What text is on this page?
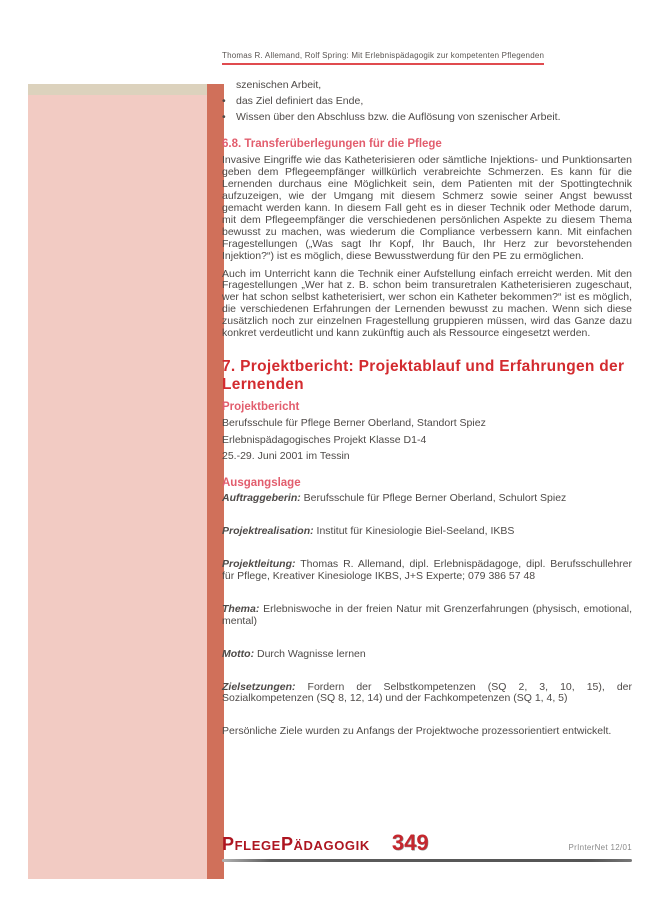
Thomas R. Allemand, Rolf Spring: Mit Erlebnispädagogik zur kompetenten Pflegenden
szenischen Arbeit,
• das Ziel definiert das Ende,
• Wissen über den Abschluss bzw. die Auflösung von szenischer Arbeit.
6.8. Transferüberlegungen für die Pflege
Invasive Eingriffe wie das Katheterisieren oder sämtliche Injektions- und Punktionsarten geben dem Pflegeempfänger willkürlich verabreichte Schmerzen. Es kann für die Lernenden durchaus eine Möglichkeit sein, dem Patienten mit der Spottingtechnik aufzuzeigen, wie der Umgang mit diesem Schmerz sowie seiner Angst bewusst gemacht werden kann. In diesem Fall geht es in dieser Technik oder Methode darum, mit dem Pflegeempfänger die verschiedenen persönlichen Aspekte zu diesem Thema bewusst zu machen, was wiederum die Compliance verbessern kann. Mit einfachen Fragestellungen („Was sagt Ihr Kopf, Ihr Bauch, Ihr Herz zur bevorstehenden Injektion?“) ist es möglich, diese Bewusstwerdung für den PE zu ermöglichen.
Auch im Unterricht kann die Technik einer Aufstellung einfach erreicht werden. Mit den Fragestellungen „Wer hat z. B. schon beim transuretralen Katheterisieren zugeschaut, wer hat schon selbst katheterisiert, wer schon ein Katheter bekommen?“ ist es möglich, die verschiedenen Erfahrungen der Lernenden bewusst zu machen. Wenn sich diese zusätzlich noch zur einzelnen Fragestellung gruppieren müssen, wird das Ganze dazu konkret verdeutlicht und kann zukünftig auch als Ressource eingesetzt werden.
7. Projektbericht: Projektablauf und Erfahrungen der Lernenden
Projektbericht
Berufsschule für Pflege Berner Oberland, Standort Spiez
Erlebnispädagogisches Projekt Klasse D1-4
25.-29. Juni 2001 im Tessin
Ausgangslage
Auftraggeberin: Berufsschule für Pflege Berner Oberland, Schulort Spiez
Projektrealisation: Institut für Kinesiologie Biel-Seeland, IKBS
Projektleitung: Thomas R. Allemand, dipl. Erlebnispädagoge, dipl. Berufsschullehrer für Pflege, Kreativer Kinesiologe IKBS, J+S Experte; 079 386 57 48
Thema: Erlebniswoche in der freien Natur mit Grenzerfahrungen (physisch, emotional, mental)
Motto: Durch Wagnisse lernen
Zielsetzungen: Fordern der Selbstkompetenzen (SQ 2, 3, 10, 15), der Sozialkompetenzen (SQ 8, 12, 14) und der Fachkompetenzen (SQ 1, 4, 5)
Persönliche Ziele wurden zu Anfangs der Projektwoche prozessorientiert entwickelt.
PflegePädagogik 349	PrInterNet 12/01
